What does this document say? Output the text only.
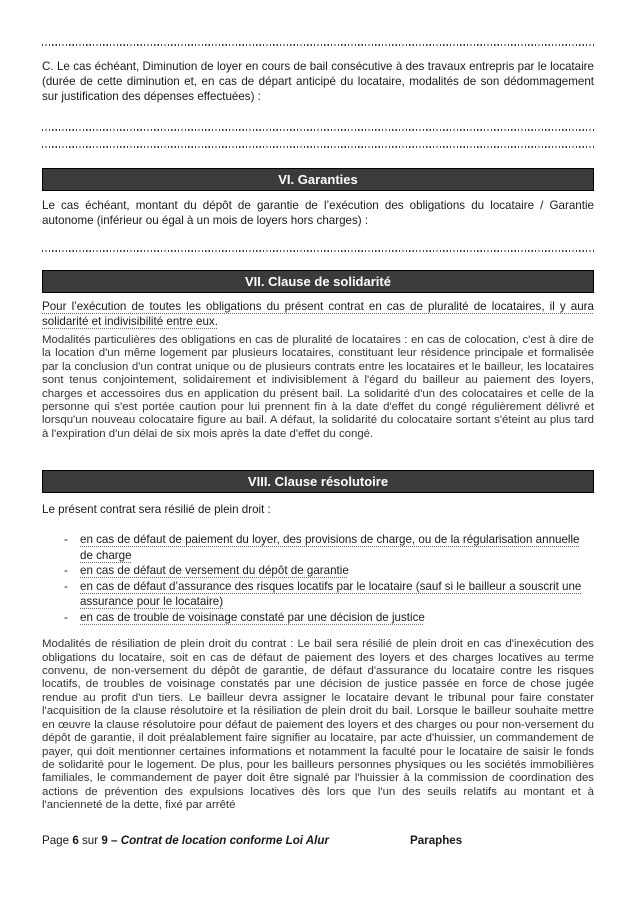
C. Le cas échéant, Diminution de loyer en cours de bail consécutive à des travaux entrepris par le locataire (durée de cette diminution et, en cas de départ anticipé du locataire, modalités de son dédommagement sur justification des dépenses effectuées) :

VI. Garanties

Le cas échéant, montant du dépôt de garantie de l’exécution des obligations du locataire / Garantie autonome (inférieur ou égal à un mois de loyers hors charges) :

VII. Clause de solidarité

Pour l’exécution de toutes les obligations du présent contrat en cas de pluralité de locataires, il y aura solidarité et indivisibilité entre eux.

Modalités particulières des obligations en cas de pluralité de locataires : en cas de colocation, c'est à dire de la location d'un même logement par plusieurs locataires, constituant leur résidence principale et formalisée par la conclusion d'un contrat unique ou de plusieurs contrats entre les locataires et le bailleur, les locataires sont tenus conjointement, solidairement et indivisiblement à l'égard du bailleur au paiement des loyers, charges et accessoires dus en application du présent bail. La solidarité d'un des colocataires et celle de la personne qui s'est portée caution pour lui prennent fin à la date d'effet du congé régulièrement délivré et lorsqu'un nouveau colocataire figure au bail. A défaut, la solidarité du colocataire sortant s'éteint au plus tard à l'expiration d'un délai de six mois après la date d'effet du congé.

VIII. Clause résolutoire

Le présent contrat sera résilié de plein droit :

- en cas de défaut de paiement du loyer, des provisions de charge, ou de la régularisation annuelle de charge
- en cas de défaut de versement du dépôt de garantie
- en cas de défaut d’assurance des risques locatifs par le locataire (sauf si le bailleur a souscrit une assurance pour le locataire)
- en cas de trouble de voisinage constaté par une décision de justice

Modalités de résiliation de plein droit du contrat : Le bail sera résilié de plein droit en cas d'inexécution des obligations du locataire, soit en cas de défaut de paiement des loyers et des charges locatives au terme convenu, de non-versement du dépôt de garantie, de défaut d'assurance du locataire contre les risques locatifs, de troubles de voisinage constatés par une décision de justice passée en force de chose jugée rendue au profit d'un tiers. Le bailleur devra assigner le locataire devant le tribunal pour faire constater l'acquisition de la clause résolutoire et la résiliation de plein droit du bail. Lorsque le bailleur souhaite mettre en œuvre la clause résolutoire pour défaut de paiement des loyers et des charges ou pour non-versement du dépôt de garantie, il doit préalablement faire signifier au locataire, par acte d'huissier, un commandement de payer, qui doit mentionner certaines informations et notamment la faculté pour le locataire de saisir le fonds de solidarité pour le logement. De plus, pour les bailleurs personnes physiques ou les sociétés immobilières familiales, le commandement de payer doit être signalé par l'huissier à la commission de coordination des actions de prévention des expulsions locatives dès lors que l'un des seuils relatifs au montant et à l'ancienneté de la dette, fixé par arrêté

Page 6 sur 9 – Contrat de location conforme Loi Alur	Paraphes
